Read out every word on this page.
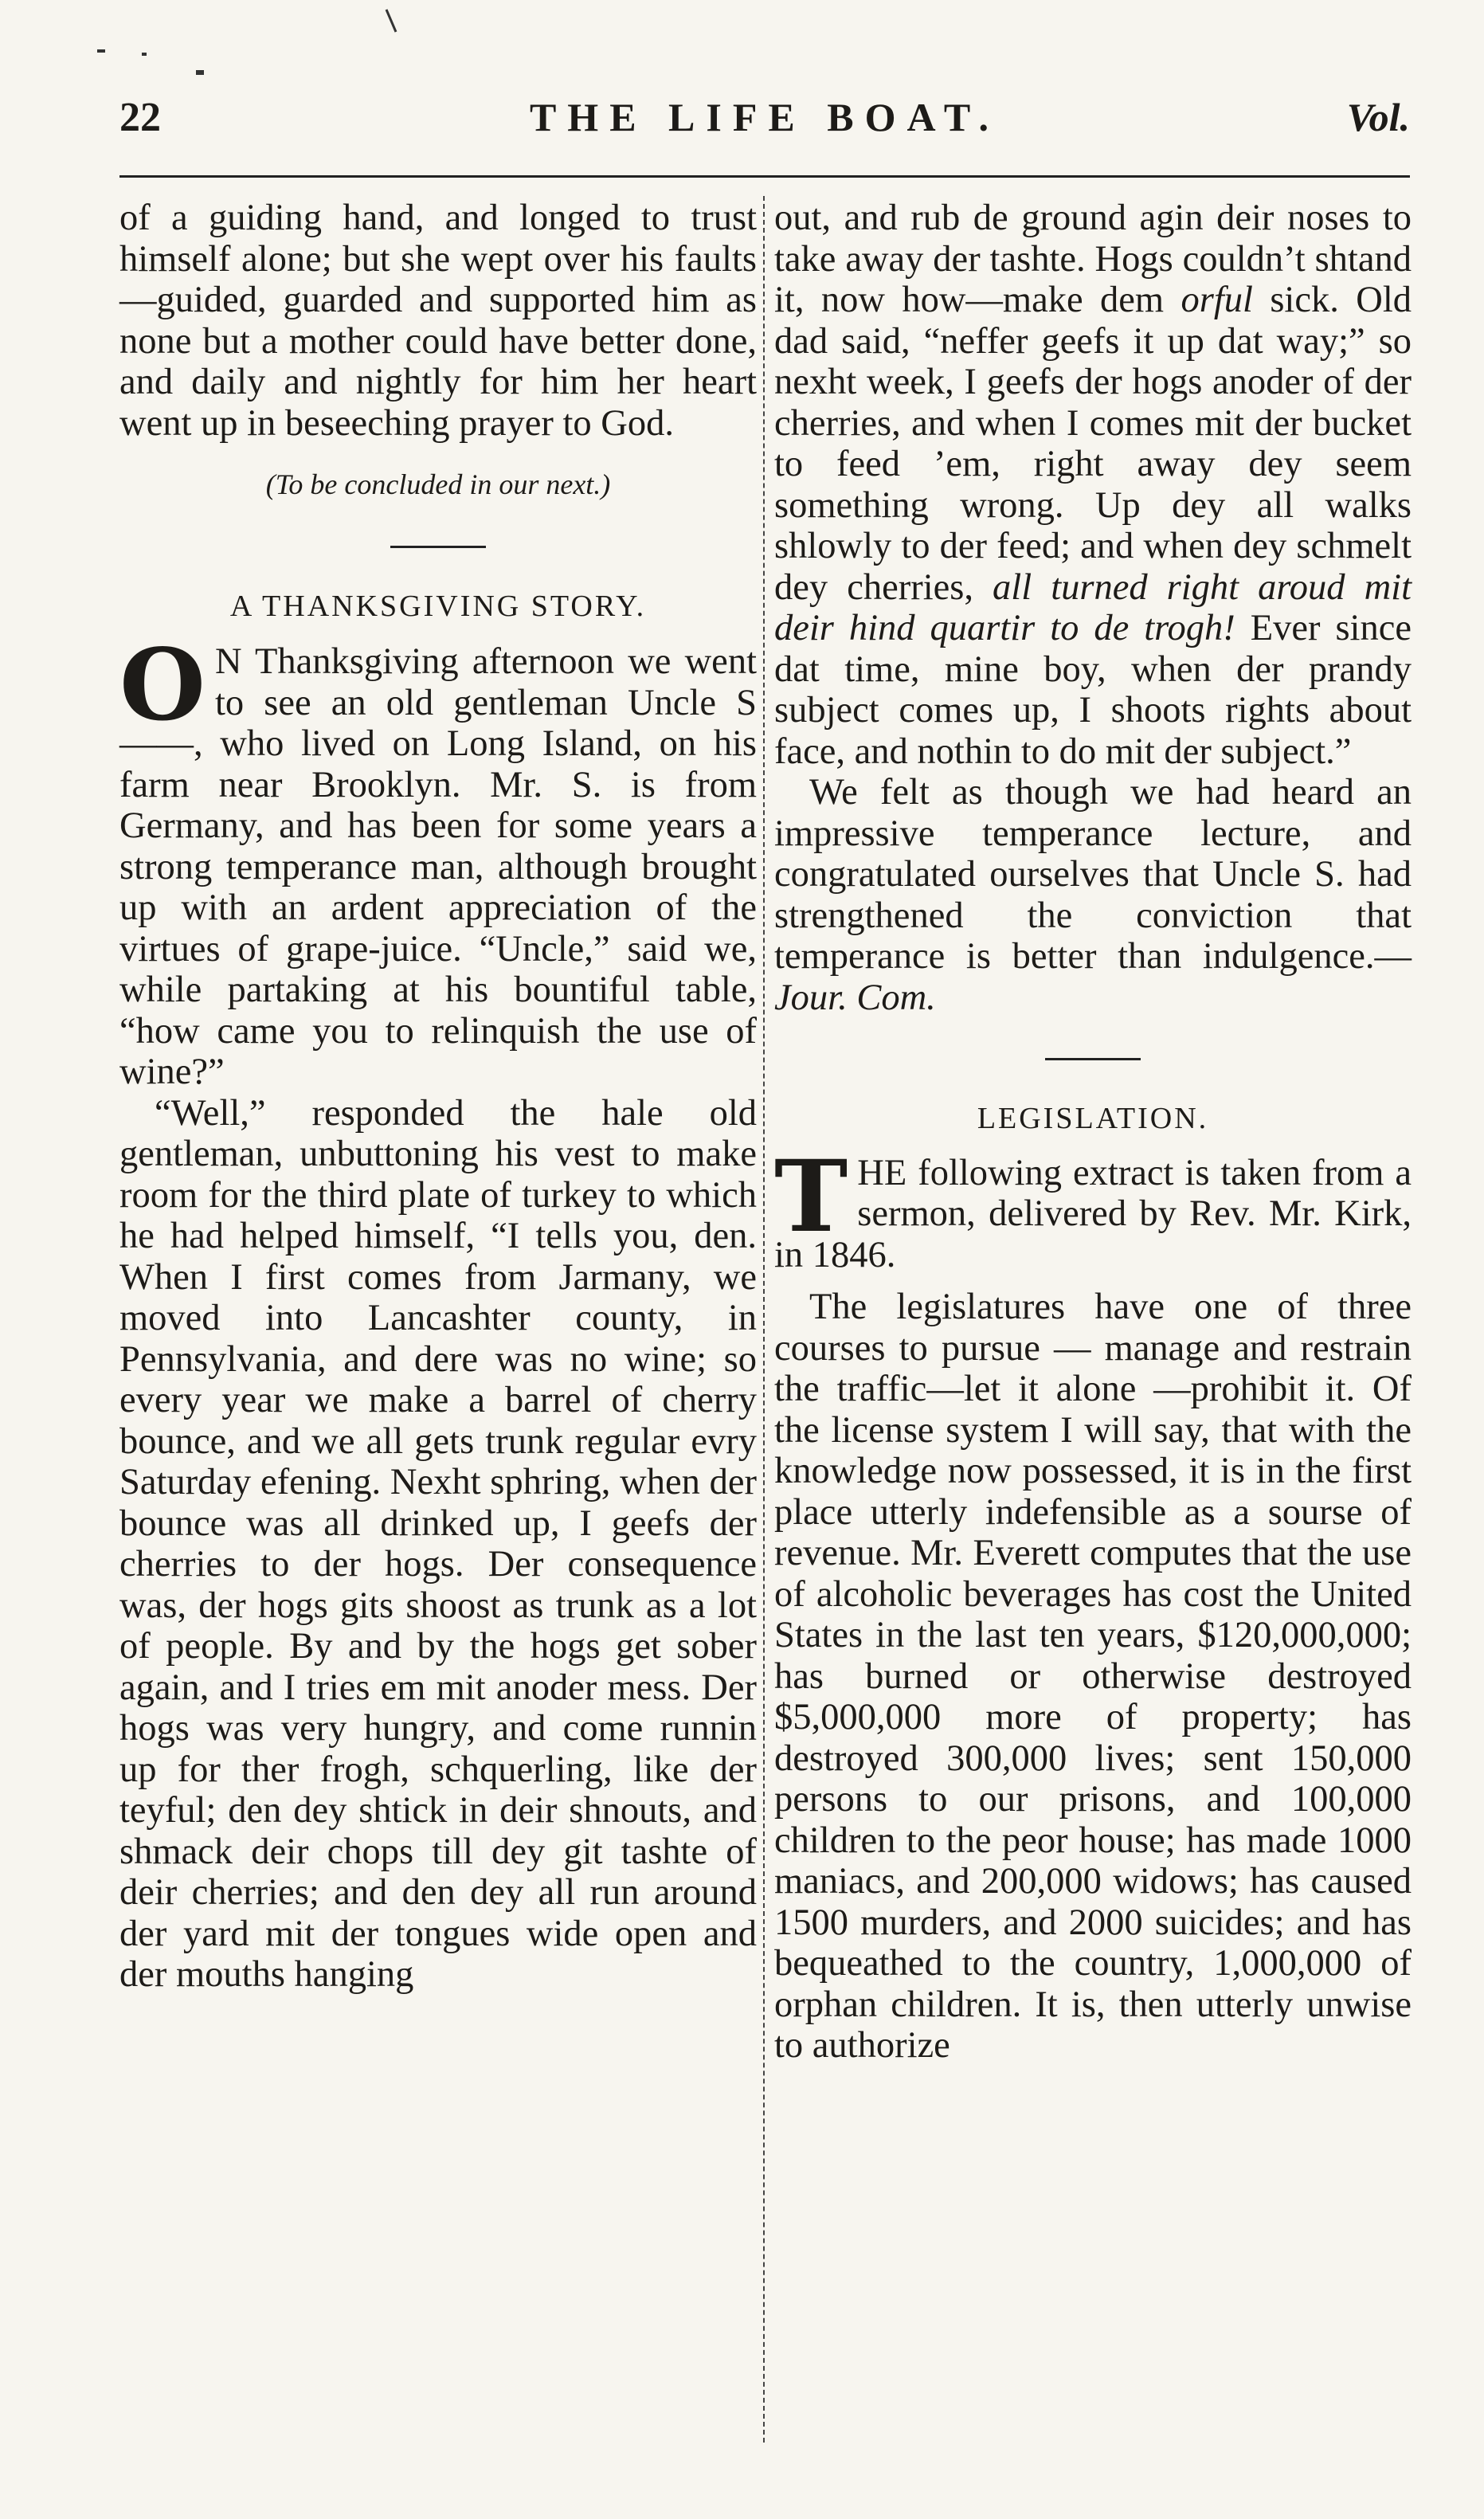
22	THE LIFE BOAT.	Vol.

of a guiding hand, and longed to trust himself alone; but she wept over his faults—guided, guarded and supported him as none but a mother could have better done, and daily and nightly for him her heart went up in beseeching prayer to God.

(To be concluded in our next.)

A THANKSGIVING STORY.

O N Thanksgiving afternoon we went to see an old gentleman Uncle S——, who lived on Long Island, on his farm near Brooklyn. Mr. S. is from Germany, and has been for some years a strong temperance man, although brought up with an ardent appreciation of the virtues of grape-juice. “Uncle,” said we, while partaking at his bountiful table, “how came you to relinquish the use of wine?”

“Well,” responded the hale old gentleman, unbuttoning his vest to make room for the third plate of turkey to which he had helped himself, “I tells you, den. When I first comes from Jarmany, we moved into Lancashter county, in Pennsylvania, and dere was no wine; so every year we make a barrel of cherry bounce, and we all gets trunk regular evry Saturday efening. Nexht sphring, when der bounce was all drinked up, I geefs der cherries to der hogs. Der consequence was, der hogs gits shoost as trunk as a lot of people. By and by the hogs get sober again, and I tries em mit anoder mess. Der hogs was very hungry, and come runnin up for ther frogh, schquerling, like der teyful; den dey shtick in deir shnouts, and shmack deir chops till dey git tashte of deir cherries; and den dey all run around der yard mit der tongues wide open and der mouths hanging

out, and rub de ground agin deir noses to take away der tashte. Hogs couldn’t shtand it, now how—make dem orful sick. Old dad said, “neffer geefs it up dat way;” so nexht week, I geefs der hogs anoder of der cherries, and when I comes mit der bucket to feed ’em, right away dey seem something wrong. Up dey all walks shlowly to der feed; and when dey schmelt dey cherries, all turned right aroud mit deir hind quartir to de trogh! Ever since dat time, mine boy, when der prandy subject comes up, I shoots rights about face, and nothin to do mit der subject.”

We felt as though we had heard an impressive temperance lecture, and congratulated ourselves that Uncle S. had strengthened the conviction that temperance is better than indulgence.—Jour. Com.

LEGISLATION.

THE following extract is taken from a sermon, delivered by Rev. Mr. Kirk, in 1846.

The legislatures have one of three courses to pursue — manage and restrain the traffic—let it alone —prohibit it. Of the license system I will say, that with the knowledge now possessed, it is in the first place utterly indefensible as a sourse of revenue. Mr. Everett computes that the use of alcoholic beverages has cost the United States in the last ten years, $120,000,000; has burned or otherwise destroyed $5,000,000 more of property; has destroyed 300,000 lives; sent 150,000 persons to our prisons, and 100,000 children to the peor house; has made 1000 maniacs, and 200,000 widows; has caused 1500 murders, and 2000 suicides; and has bequeathed to the country, 1,000,000 of orphan children. It is, then utterly unwise to authorize
